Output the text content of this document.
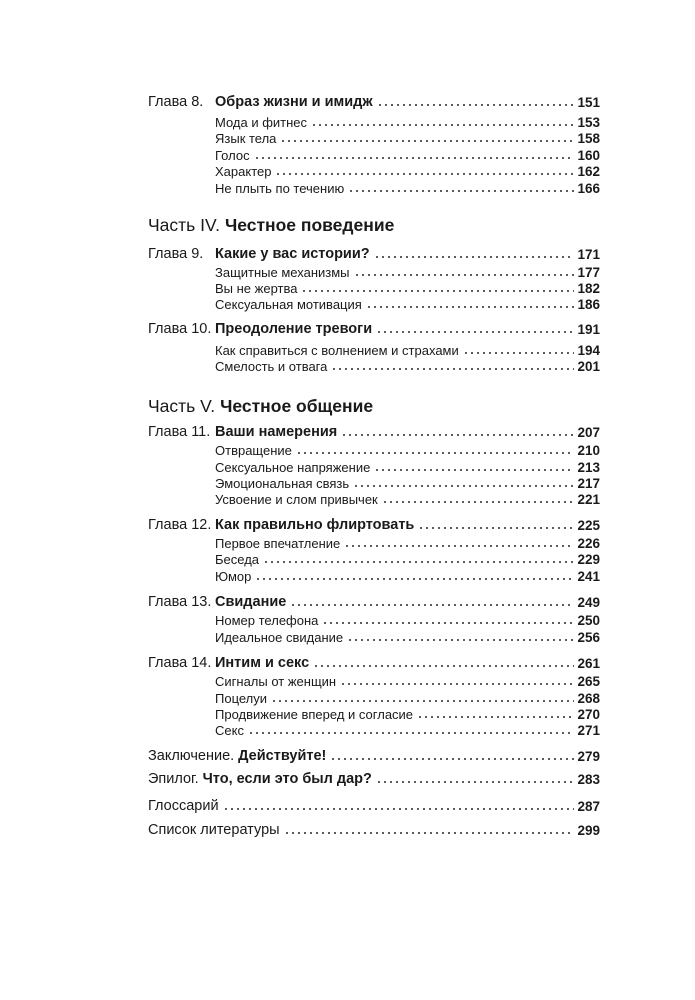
Глава 8. Образ жизни и имидж	151
Мода и фитнес	153
Язык тела	158
Голос	160
Характер	162
Не плыть по течению	166
Часть IV. Честное поведение
Глава 9. Какие у вас истории?	171
Защитные механизмы	177
Вы не жертва	182
Сексуальная мотивация	186
Глава 10. Преодоление тревоги	191
Как справиться с волнением и страхами	194
Смелость и отвага	201
Часть V. Честное общение
Глава 11. Ваши намерения	207
Отвращение	210
Сексуальное напряжение	213
Эмоциональная связь	217
Усвоение и слом привычек	221
Глава 12. Как правильно флиртовать	225
Первое впечатление	226
Беседа	229
Юмор	241
Глава 13. Свидание	249
Номер телефона	250
Идеальное свидание	256
Глава 14. Интим и секс	261
Сигналы от женщин	265
Поцелуи	268
Продвижение вперед и согласие	270
Секс	271
Заключение. Действуйте!	279
Эпилог. Что, если это был дар?	283
Глоссарий	287
Список литературы	299
